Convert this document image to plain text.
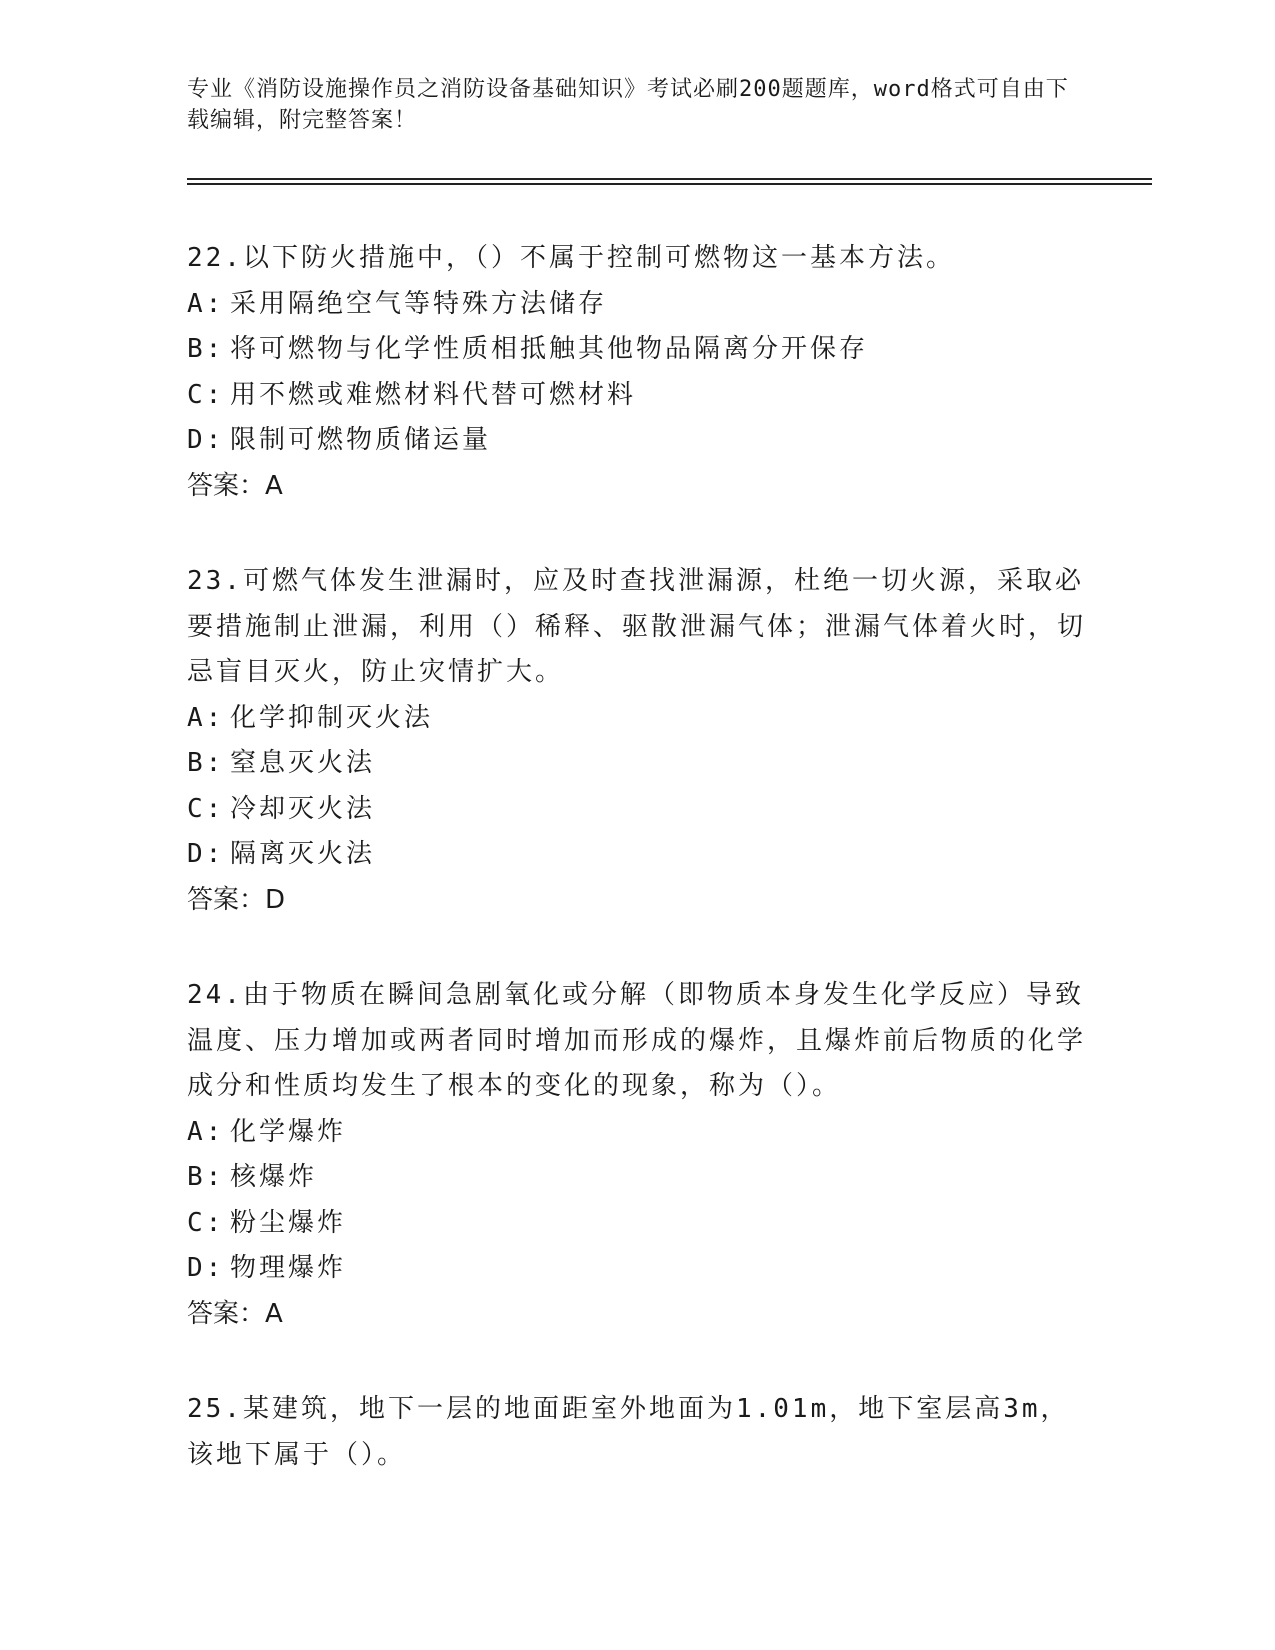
专业《消防设施操作员之消防设备基础知识》考试必刷200题题库，word格式可自由下载编辑，附完整答案！

22.以下防火措施中，（）不属于控制可燃物这一基本方法。

A: 采用隔绝空气等特殊方法储存

B: 将可燃物与化学性质相抵触其他物品隔离分开保存

C: 用不燃或难燃材料代替可燃材料

D: 限制可燃物质储运量

答案：A

23.可燃气体发生泄漏时，应及时查找泄漏源，杜绝一切火源，采取必要措施制止泄漏，利用（）稀释、驱散泄漏气体；泄漏气体着火时，切忌盲目灭火，防止灾情扩大。

A: 化学抑制灭火法

B: 窒息灭火法

C: 冷却灭火法

D: 隔离灭火法

答案：D

24.由于物质在瞬间急剧氧化或分解（即物质本身发生化学反应）导致温度、压力增加或两者同时增加而形成的爆炸，且爆炸前后物质的化学成分和性质均发生了根本的变化的现象，称为（）。

A: 化学爆炸

B: 核爆炸

C: 粉尘爆炸

D: 物理爆炸

答案：A

25.某建筑，地下一层的地面距室外地面为1.01m，地下室层高3m，该地下属于（）。
